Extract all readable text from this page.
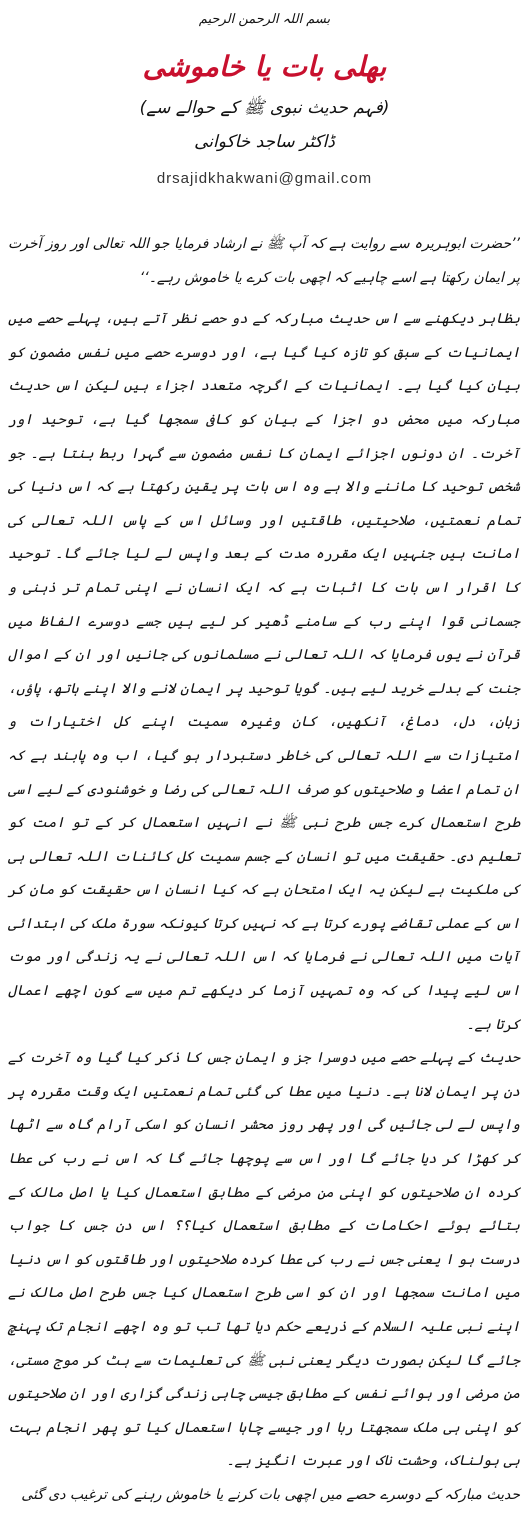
بسم اللہ الرحمن الرحیم
بھلی بات یا خاموشی
(فہم حدیث نبوی ﷺ کے حوالے سے)
ڈاکٹر ساجد خاکوانی
drsajidkhakwani@gmail.com

’’حضرت ابوہریرہ سے روایت ہے کہ آپ ﷺ نے ارشاد فرمایا جو اللہ تعالی اور روز آخرت پر ایمان رکھتا ہے اسے چاہیے کہ اچھی بات کرے یا خاموش رہے۔‘‘

بظاہر دیکھنے سے اس حدیث مبارکہ کے دو حصے نظر آتے ہیں، پہلے حصے میں ایمانیات کے سبق کو تازہ کیا گیا ہے، اور دوسرے حصے میں نفس مضمون کو بیان کیا گیا ہے۔ ایمانیات کے اگرچہ متعدد اجزاء ہیں لیکن اس حدیث مبارکہ میں محض دو اجزا کے بیان کو کافی سمجھا گیا ہے، توحید اور آخرت۔ ان دونوں اجزائے ایمان کا نفس مضمون سے گہرا ربط بنتا ہے۔ جو شخص توحید کا ماننے والا ہے وہ اس بات پر یقین رکھتا ہے کہ اس دنیا کی تمام نعمتیں، صلاحیتیں، طاقتیں اور وسائل اس کے پاس اللہ تعالی کی امانت ہیں جنہیں ایک مقررہ مدت کے بعد واپس لے لیا جائے گا۔ توحید کا اقرار اس بات کا اثبات ہے کہ ایک انسان نے اپنی تمام تر ذہنی و جسمانی قوا اپنے رب کے سامنے ڈھیر کر لیے ہیں جسے دوسرے الفاظ میں قرآن نے یوں فرمایا کہ اللہ تعالی نے مسلمانوں کی جانیں اور ان کے اموال جنت کے بدلے خرید لیے ہیں۔ گویا توحید پر ایمان لانے والا اپنے ہاتھ، پاؤں، زبان، دل، دماغ، آنکھیں، کان وغیرہ سمیت اپنے کل اختیارات و امتیازات سے اللہ تعالی کی خاطر دستبردار ہو گیا، اب وہ پابند ہے کہ ان تمام اعضا و صلاحیتوں کو صرف اللہ تعالی کی رضا و خوشنودی کے لیے اسی طرح استعمال کرے جس طرح نبی ﷺ نے انہیں استعمال کر کے تو امت کو تعلیم دی۔ حقیقت میں تو انسان کے جسم سمیت کل کائنات اللہ تعالی ہی کی ملکیت ہے لیکن یہ ایک امتحان ہے کہ کیا انسان اس حقیقت کو مان کر اس کے عملی تقاضے پورے کرتا ہے کہ نہیں کرتا کیونکہ سورۃ ملک کی ابتدائی آیات میں اللہ تعالی نے فرمایا کہ اس اللہ تعالی نے یہ زندگی اور موت اس لیے پیدا کی کہ وہ تمہیں آزما کر دیکھے تم میں سے کون اچھے اعمال کرتا ہے۔

حدیث کے پہلے حصے میں دوسرا جز و ایمان جس کا ذکر کیا گیا وہ آخرت کے دن پر ایمان لانا ہے۔ دنیا میں عطا کی گئی تمام نعمتیں ایک وقت مقررہ پر واپس لے لی جائیں گی اور پھر روز محشر انسان کو اسکی آرام گاہ سے اٹھا کر کھڑا کر دیا جائے گا اور اس سے پوچھا جائے گا کہ اس نے رب کی عطا کردہ ان صلاحیتوں کو اپنی من مرضی کے مطابق استعمال کیا یا اصل مالک کے بتائے ہوئے احکامات کے مطابق استعمال کیا؟؟ اس دن جس کا جواب درست ہو ا یعنی جس نے رب کی عطا کردہ صلاحیتوں اور طاقتوں کو اس دنیا میں امانت سمجھا اور ان کو اسی طرح استعمال کیا جس طرح اصل مالک نے اپنے نبی علیہ السلام کے ذریعے حکم دیا تھا تب تو وہ اچھے انجام تک پہنچ جائے گا لیکن بصورت دیگر یعنی نبی ﷺ کی تعلیمات سے ہٹ کر موج مستی، من مرضی اور ہوائے نفس کے مطابق جیسی چاہی زندگی گزاری اور ان صلاحیتوں کو اپنی ہی ملک سمجھتا رہا اور جیسے چاہا استعمال کیا تو پھر انجام بہت ہی ہولناک، وحشت ناک اور عبرت انگیز ہے۔

حدیث مبارکہ کے دوسرے حصے میں اچھی بات کرنے یا خاموش رہنے کی ترغیب دی گئی
